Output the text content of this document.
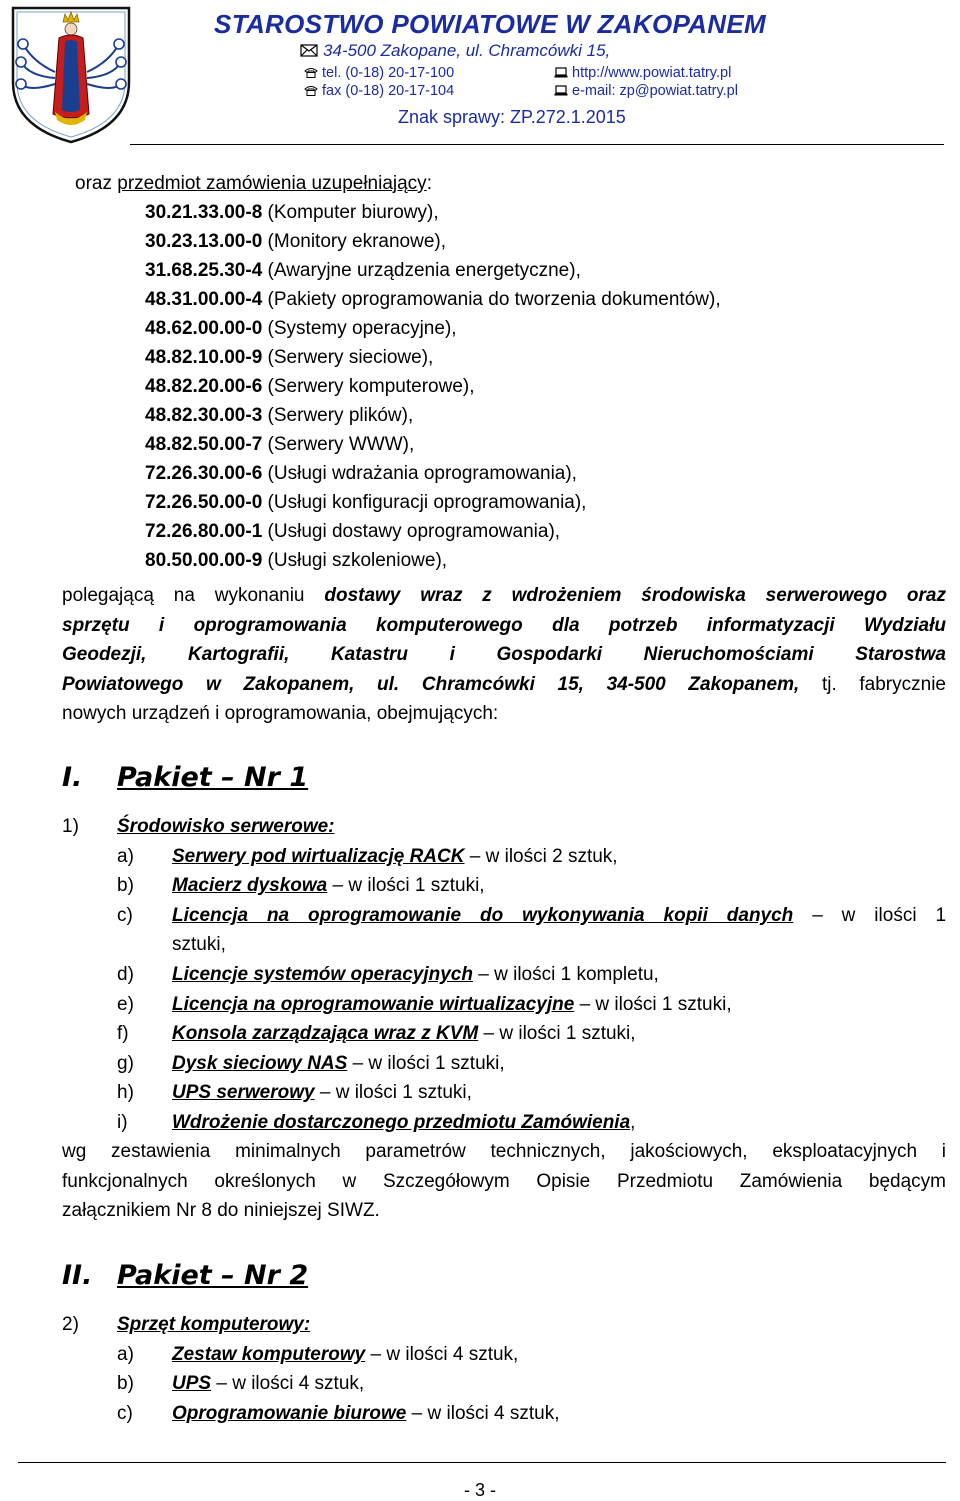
STAROSTWO POWIATOWE W ZAKOPANEM
34-500 Zakopane, ul. Chramcówki 15,
tel. (0-18) 20-17-100	http://www.powiat.tatry.pl
fax (0-18) 20-17-104	e-mail: zp@powiat.tatry.pl
Znak sprawy: ZP.272.1.2015
oraz przedmiot zamówienia uzupełniający:
30.21.33.00-8 (Komputer biurowy),
30.23.13.00-0 (Monitory ekranowe),
31.68.25.30-4 (Awaryjne urządzenia energetyczne),
48.31.00.00-4 (Pakiety oprogramowania do tworzenia dokumentów),
48.62.00.00-0 (Systemy operacyjne),
48.82.10.00-9 (Serwery sieciowe),
48.82.20.00-6 (Serwery komputerowe),
48.82.30.00-3 (Serwery plików),
48.82.50.00-7 (Serwery WWW),
72.26.30.00-6 (Usługi wdrażania oprogramowania),
72.26.50.00-0 (Usługi konfiguracji oprogramowania),
72.26.80.00-1 (Usługi dostawy oprogramowania),
80.50.00.00-9 (Usługi szkoleniowe),
polegającą na wykonaniu dostawy wraz z wdrożeniem środowiska serwerowego oraz
sprzętu i oprogramowania komputerowego dla potrzeb informatyzacji Wydziału
Geodezji, Kartografii, Katastru i Gospodarki Nieruchomościami Starostwa
Powiatowego w Zakopanem, ul. Chramcówki 15, 34-500 Zakopanem, tj. fabrycznie
nowych urządzeń i oprogramowania, obejmujących:
I. Pakiet – Nr 1
1) Środowisko serwerowe:
a) Serwery pod wirtualizację RACK – w ilości 2 sztuk,
b) Macierz dyskowa – w ilości 1 sztuki,
c) Licencja na oprogramowanie do wykonywania kopii danych – w ilości 1
sztuki,
d) Licencje systemów operacyjnych – w ilości 1 kompletu,
e) Licencja na oprogramowanie wirtualizacyjne – w ilości 1 sztuki,
f) Konsola zarządzająca wraz z KVM – w ilości 1 sztuki,
g) Dysk sieciowy NAS – w ilości 1 sztuki,
h) UPS serwerowy – w ilości 1 sztuki,
i) Wdrożenie dostarczonego przedmiotu Zamówienia,
wg zestawienia minimalnych parametrów technicznych, jakościowych, eksploatacyjnych i
funkcjonalnych określonych w Szczegółowym Opisie Przedmiotu Zamówienia będącym
załącznikiem Nr 8 do niniejszej SIWZ.
II. Pakiet – Nr 2
2) Sprzęt komputerowy:
a) Zestaw komputerowy – w ilości 4 sztuk,
b) UPS – w ilości 4 sztuk,
c) Oprogramowanie biurowe – w ilości 4 sztuk,
- 3 -
